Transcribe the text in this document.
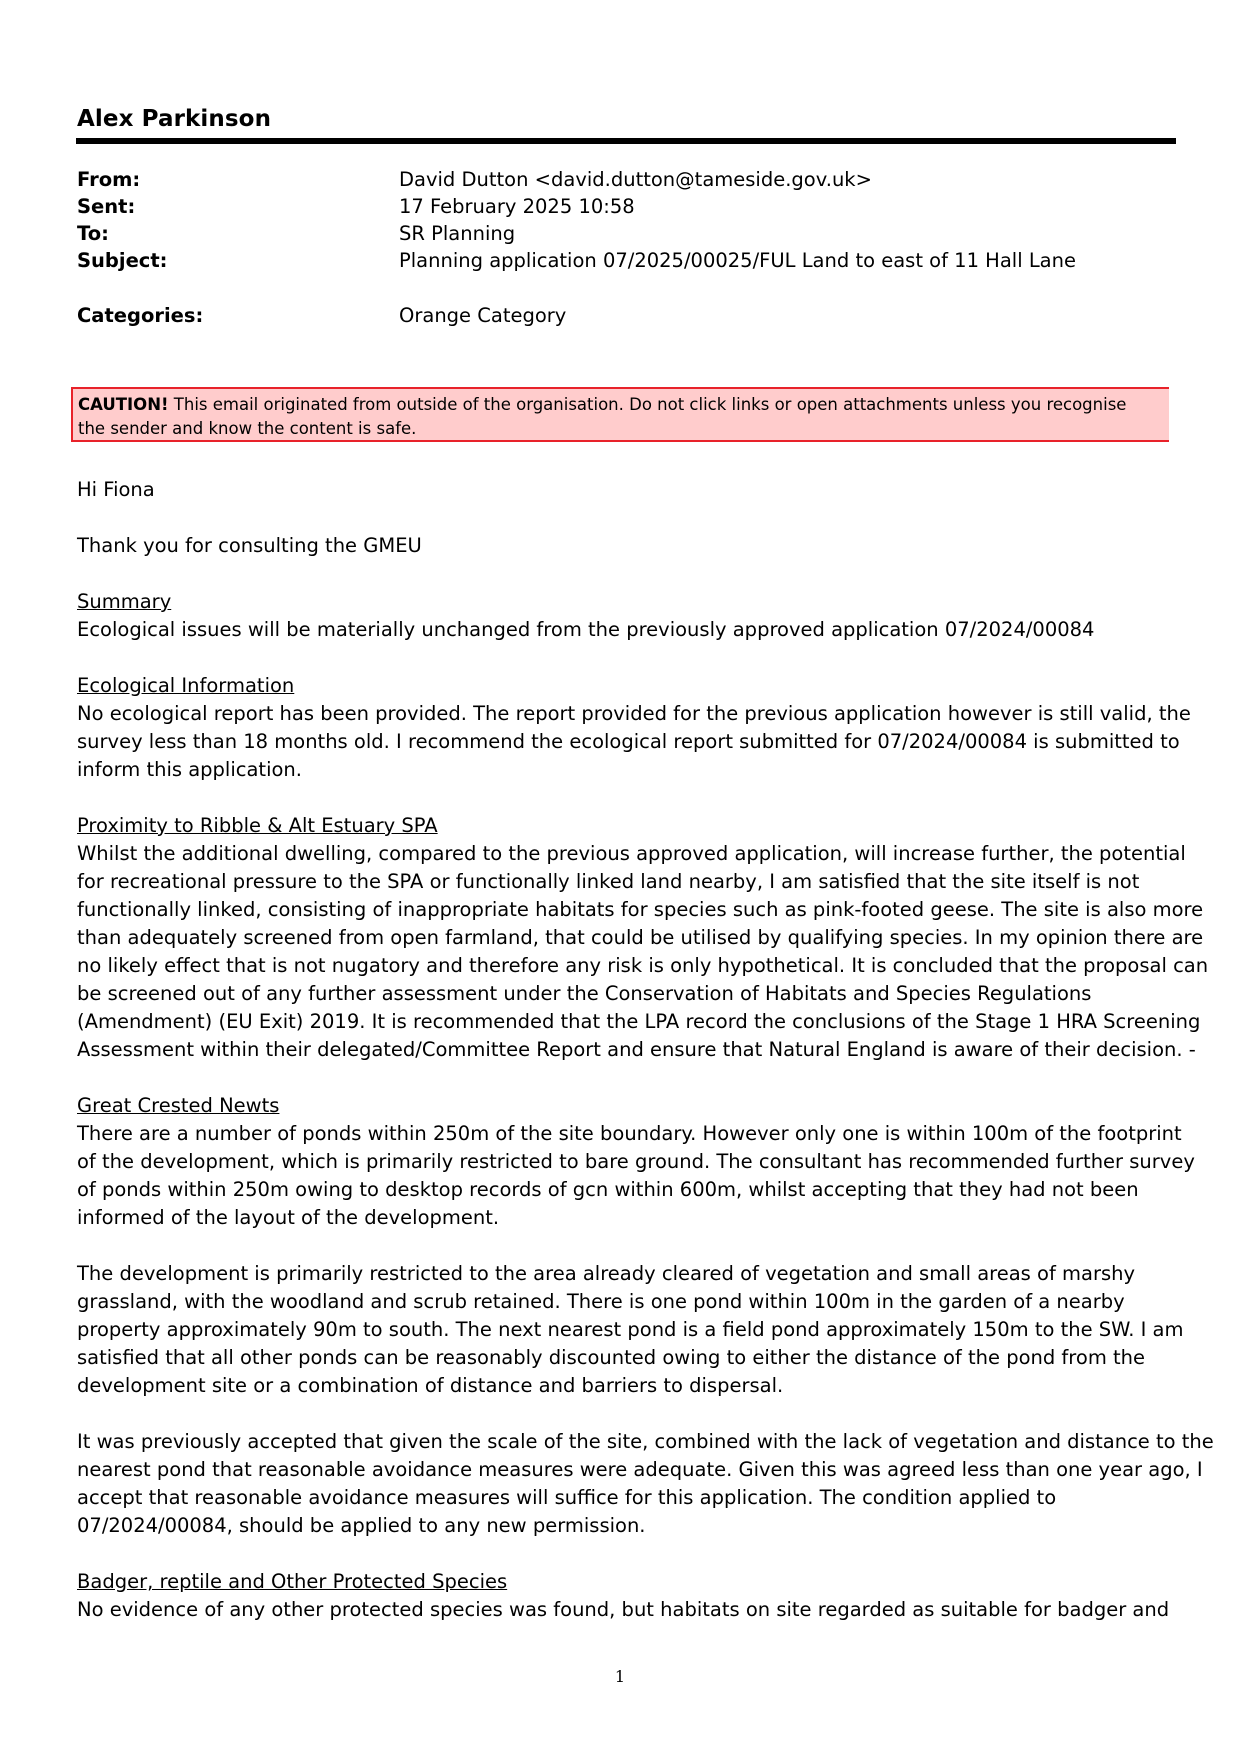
Alex Parkinson
From:	David Dutton <david.dutton@tameside.gov.uk>
Sent:	17 February 2025 10:58
To:	SR Planning
Subject:	Planning application 07/2025/00025/FUL Land to east of 11 Hall Lane
Categories:	Orange Category
CAUTION! This email originated from outside of the organisation. Do not click links or open attachments unless you recognise
the sender and know the content is safe.
Hi Fiona
Thank you for consulting the GMEU
Summary
Ecological issues will be materially unchanged from the previously approved application 07/2024/00084
Ecological Information
No ecological report has been provided. The report provided for the previous application however is still valid, the
survey less than 18 months old. I recommend the ecological report submitted for 07/2024/00084 is submitted to
inform this application.
Proximity to Ribble & Alt Estuary SPA
Whilst the additional dwelling, compared to the previous approved application, will increase further, the potential
for recreational pressure to the SPA or functionally linked land nearby, I am satisfied that the site itself is not
functionally linked, consisting of inappropriate habitats for species such as pink-footed geese. The site is also more
than adequately screened from open farmland, that could be utilised by qualifying species. In my opinion there are
no likely effect that is not nugatory and therefore any risk is only hypothetical. It is concluded that the proposal can
be screened out of any further assessment under the Conservation of Habitats and Species Regulations
(Amendment) (EU Exit) 2019. It is recommended that the LPA record the conclusions of the Stage 1 HRA Screening
Assessment within their delegated/Committee Report and ensure that Natural England is aware of their decision. -
Great Crested Newts
There are a number of ponds within 250m of the site boundary. However only one is within 100m of the footprint
of the development, which is primarily restricted to bare ground. The consultant has recommended further survey
of ponds within 250m owing to desktop records of gcn within 600m, whilst accepting that they had not been
informed of the layout of the development.
The development is primarily restricted to the area already cleared of vegetation and small areas of marshy
grassland, with the woodland and scrub retained. There is one pond within 100m in the garden of a nearby
property approximately 90m to south. The next nearest pond is a field pond approximately 150m to the SW. I am
satisfied that all other ponds can be reasonably discounted owing to either the distance of the pond from the
development site or a combination of distance and barriers to dispersal.
It was previously accepted that given the scale of the site, combined with the lack of vegetation and distance to the
nearest pond that reasonable avoidance measures were adequate. Given this was agreed less than one year ago, I
accept that reasonable avoidance measures will suffice for this application. The condition applied to
07/2024/00084, should be applied to any new permission.
Badger, reptile and Other Protected Species
No evidence of any other protected species was found, but habitats on site regarded as suitable for badger and
1
